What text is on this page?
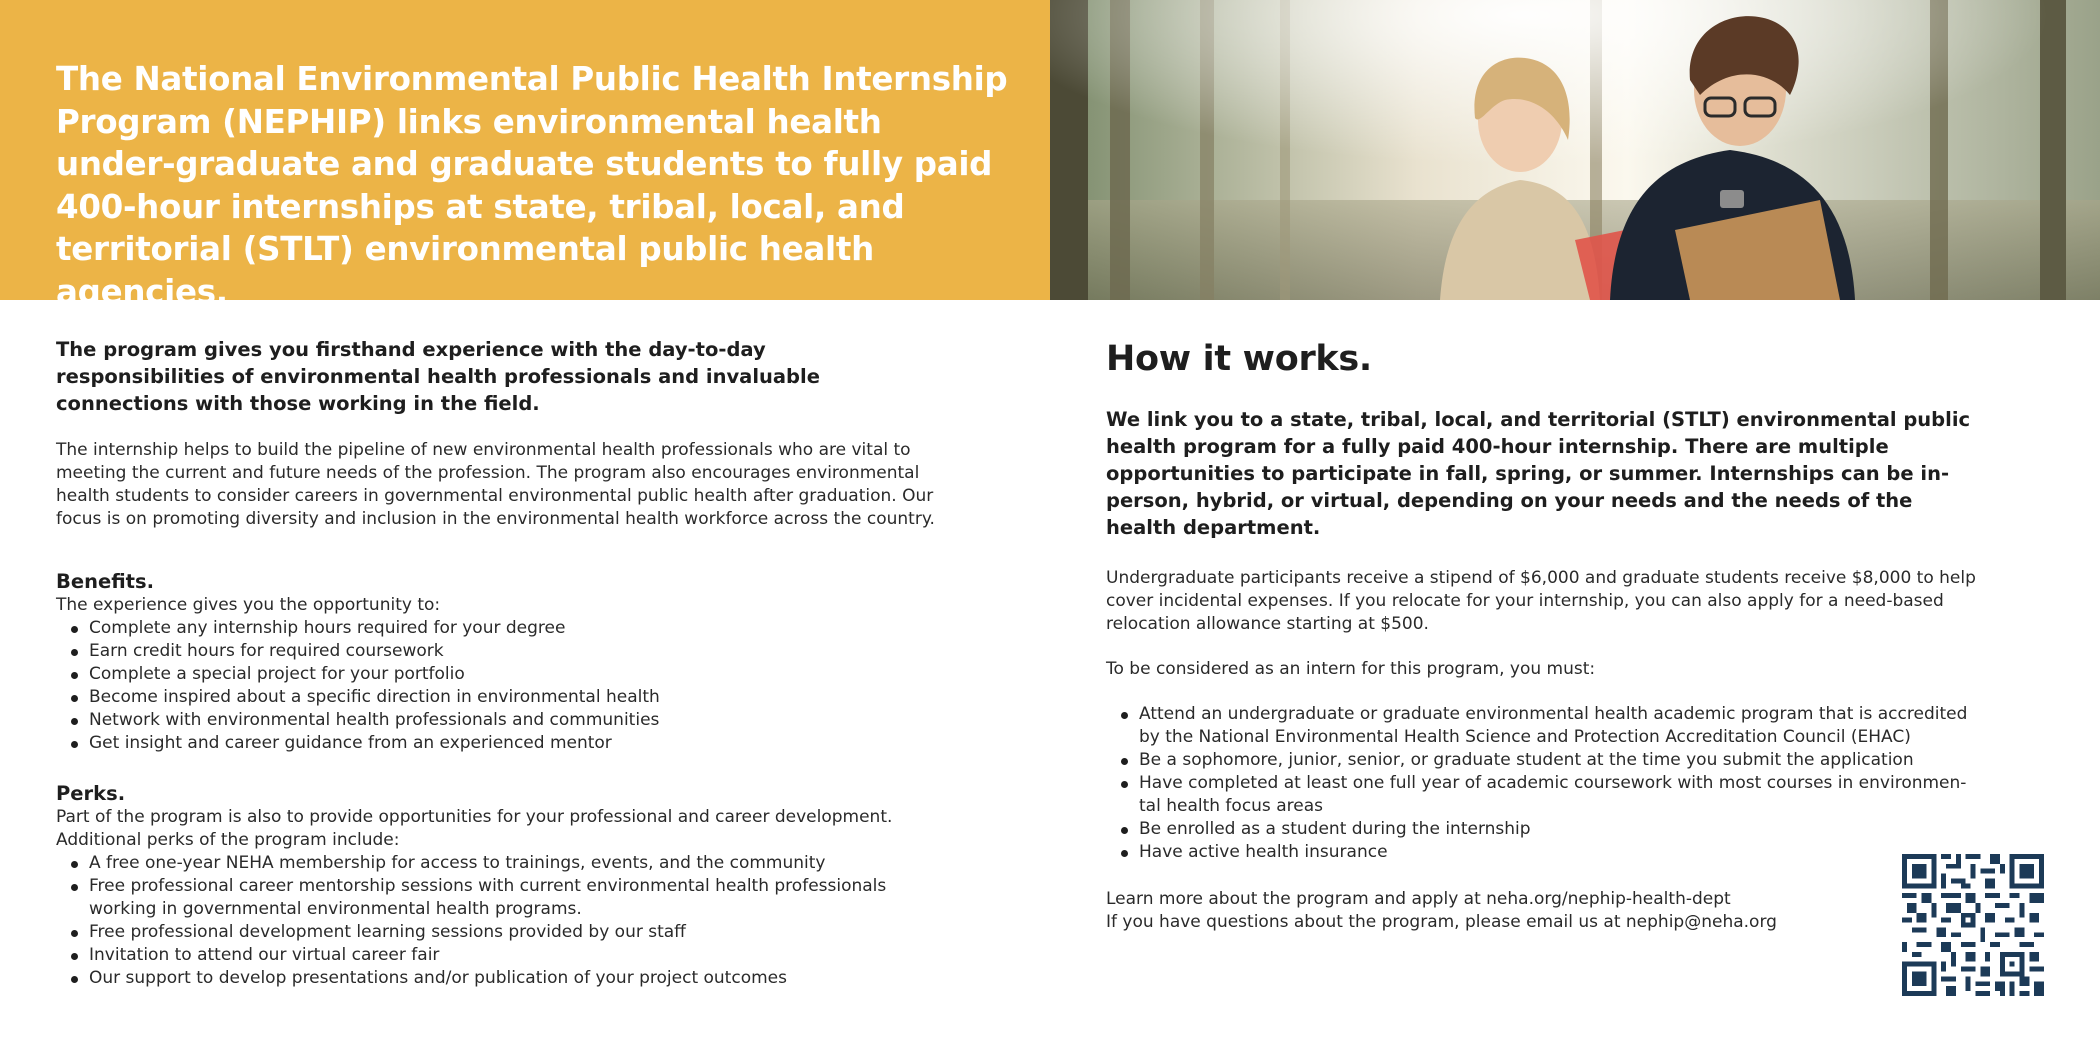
The National Environmental Public Health Internship Program (NEPHIP) links environmental health under-graduate and graduate students to fully paid 400-hour internships at state, tribal, local, and territorial (STLT) environmental public health agencies.

The program gives you firsthand experience with the day-to-day responsibilities of environmental health professionals and invaluable connections with those working in the field.

The internship helps to build the pipeline of new environmental health professionals who are vital to meeting the current and future needs of the profession. The program also encourages environmental health students to consider careers in governmental environmental public health after graduation. Our focus is on promoting diversity and inclusion in the environmental health workforce across the country.

Benefits.

The experience gives you the opportunity to:

Complete any internship hours required for your degree
Earn credit hours for required coursework
Complete a special project for your portfolio
Become inspired about a specific direction in environmental health
Network with environmental health professionals and communities
Get insight and career guidance from an experienced mentor
Perks.

Part of the program is also to provide opportunities for your professional and career development. Additional perks of the program include:

A free one-year NEHA membership for access to trainings, events, and the community
Free professional career mentorship sessions with current environmental health professionals working in governmental environmental health programs.
Free professional development learning sessions provided by our staff
Invitation to attend our virtual career fair
Our support to develop presentations and/or publication of your project outcomes
How it works.

We link you to a state, tribal, local, and territorial (STLT) environmental public health program for a fully paid 400-hour internship. There are multiple opportunities to participate in fall, spring, or summer. Internships can be in-person, hybrid, or virtual, depending on your needs and the needs of the health department.

Undergraduate participants receive a stipend of $6,000 and graduate students receive $8,000 to help cover incidental expenses. If you relocate for your internship, you can also apply for a need-based relocation allowance starting at $500.

To be considered as an intern for this program, you must:

Attend an undergraduate or graduate environmental health academic program that is accredited by the National Environmental Health Science and Protection Accreditation Council (EHAC)
Be a sophomore, junior, senior, or graduate student at the time you submit the application
Have completed at least one full year of academic coursework with most courses in environmen-tal health focus areas
Be enrolled as a student during the internship
Have active health insurance

Learn more about the program and apply at neha.org/nephip-health-dept

If you have questions about the program, please email us at nephip@neha.org
